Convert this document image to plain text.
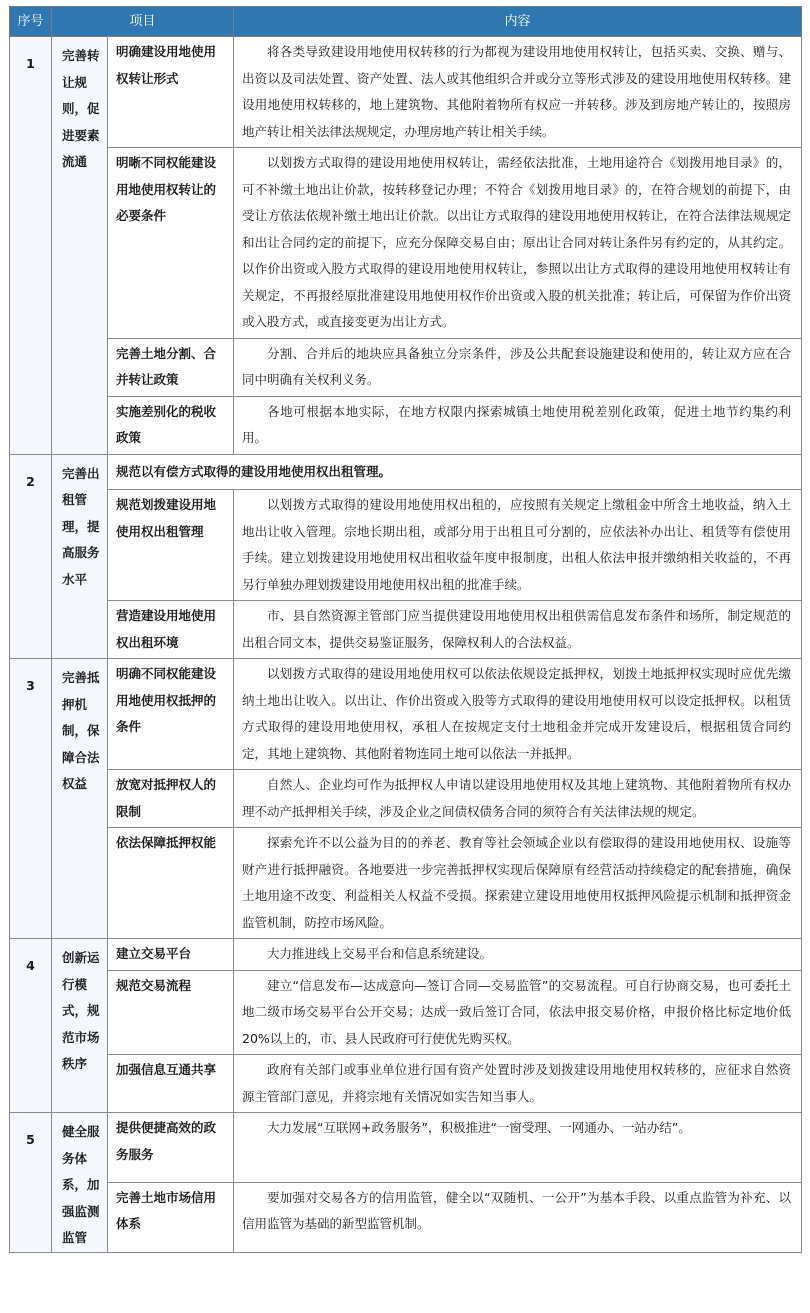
序号	项目		内容
1	完善转让规则，促进要素流通	明确建设用地使用权转让形式	将各类导致建设用地使用权转移的行为都视为建设用地使用权转让，包括买卖、交换、赠与、出资以及司法处置、资产处置、法人或其他组织合并或分立等形式涉及的建设用地使用权转移。建设用地使用权转移的，地上建筑物、其他附着物所有权应一并转移。涉及到房地产转让的，按照房地产转让相关法律法规规定，办理房地产转让相关手续。
		明晰不同权能建设用地使用权转让的必要条件	以划拨方式取得的建设用地使用权转让，需经依法批准，土地用途符合《划拨用地目录》的，可不补缴土地出让价款，按转移登记办理；不符合《划拨用地目录》的，在符合规划的前提下，由受让方依法依规补缴土地出让价款。以出让方式取得的建设用地使用权转让，在符合法律法规规定和出让合同约定的前提下，应充分保障交易自由；原出让合同对转让条件另有约定的，从其约定。以作价出资或入股方式取得的建设用地使用权转让，参照以出让方式取得的建设用地使用权转让有关规定，不再报经原批准建设用地使用权作价出资或入股的机关批准；转让后，可保留为作价出资或入股方式，或直接变更为出让方式。
		完善土地分割、合并转让政策	分割、合并后的地块应具备独立分宗条件，涉及公共配套设施建设和使用的，转让双方应在合同中明确有关权利义务。
		实施差别化的税收政策	各地可根据本地实际，在地方权限内探索城镇土地使用税差别化政策，促进土地节约集约利用。
2	完善出租管理，提高服务水平	规范以有偿方式取得的建设用地使用权出租管理。	
		规范划拨建设用地使用权出租管理	以划拨方式取得的建设用地使用权出租的，应按照有关规定上缴租金中所含土地收益，纳入土地出让收入管理。宗地长期出租，或部分用于出租且可分割的，应依法补办出让、租赁等有偿使用手续。建立划拨建设用地使用权出租收益年度申报制度，出租人依法申报并缴纳相关收益的，不再另行单独办理划拨建设用地使用权出租的批准手续。
		营造建设用地使用权出租环境	市、县自然资源主管部门应当提供建设用地使用权出租供需信息发布条件和场所，制定规范的出租合同文本，提供交易鉴证服务，保障权利人的合法权益。
3	完善抵押机制，保障合法权益	明确不同权能建设用地使用权抵押的条件	以划拨方式取得的建设用地使用权可以依法依规设定抵押权，划拨土地抵押权实现时应优先缴纳土地出让收入。以出让、作价出资或入股等方式取得的建设用地使用权可以设定抵押权。以租赁方式取得的建设用地使用权，承租人在按规定支付土地租金并完成开发建设后，根据租赁合同约定，其地上建筑物、其他附着物连同土地可以依法一并抵押。
		放宽对抵押权人的限制	自然人、企业均可作为抵押权人申请以建设用地使用权及其地上建筑物、其他附着物所有权办理不动产抵押相关手续，涉及企业之间债权债务合同的须符合有关法律法规的规定。
		依法保障抵押权能	探索允许不以公益为目的的养老、教育等社会领域企业以有偿取得的建设用地使用权、设施等财产进行抵押融资。各地要进一步完善抵押权实现后保障原有经营活动持续稳定的配套措施，确保土地用途不改变、利益相关人权益不受损。探索建立建设用地使用权抵押风险提示机制和抵押资金监管机制，防控市场风险。
4	创新运行模式，规范市场秩序	建立交易平台	大力推进线上交易平台和信息系统建设。
		规范交易流程	建立“信息发布—达成意向—签订合同—交易监管”的交易流程。可自行协商交易，也可委托土地二级市场交易平台公开交易；达成一致后签订合同，依法申报交易价格，申报价格比标定地价低20%以上的，市、县人民政府可行使优先购买权。
		加强信息互通共享	政府有关部门或事业单位进行国有资产处置时涉及划拨建设用地使用权转移的，应征求自然资源主管部门意见，并将宗地有关情况如实告知当事人。
5	健全服务体系，加强监测监管	提供便捷高效的政务服务	大力发展“互联网+政务服务”，积极推进“一窗受理、一网通办、一站办结”。
		完善土地市场信用体系	要加强对交易各方的信用监管，健全以“双随机、一公开”为基本手段、以重点监管为补充、以信用监管为基础的新型监管机制。
